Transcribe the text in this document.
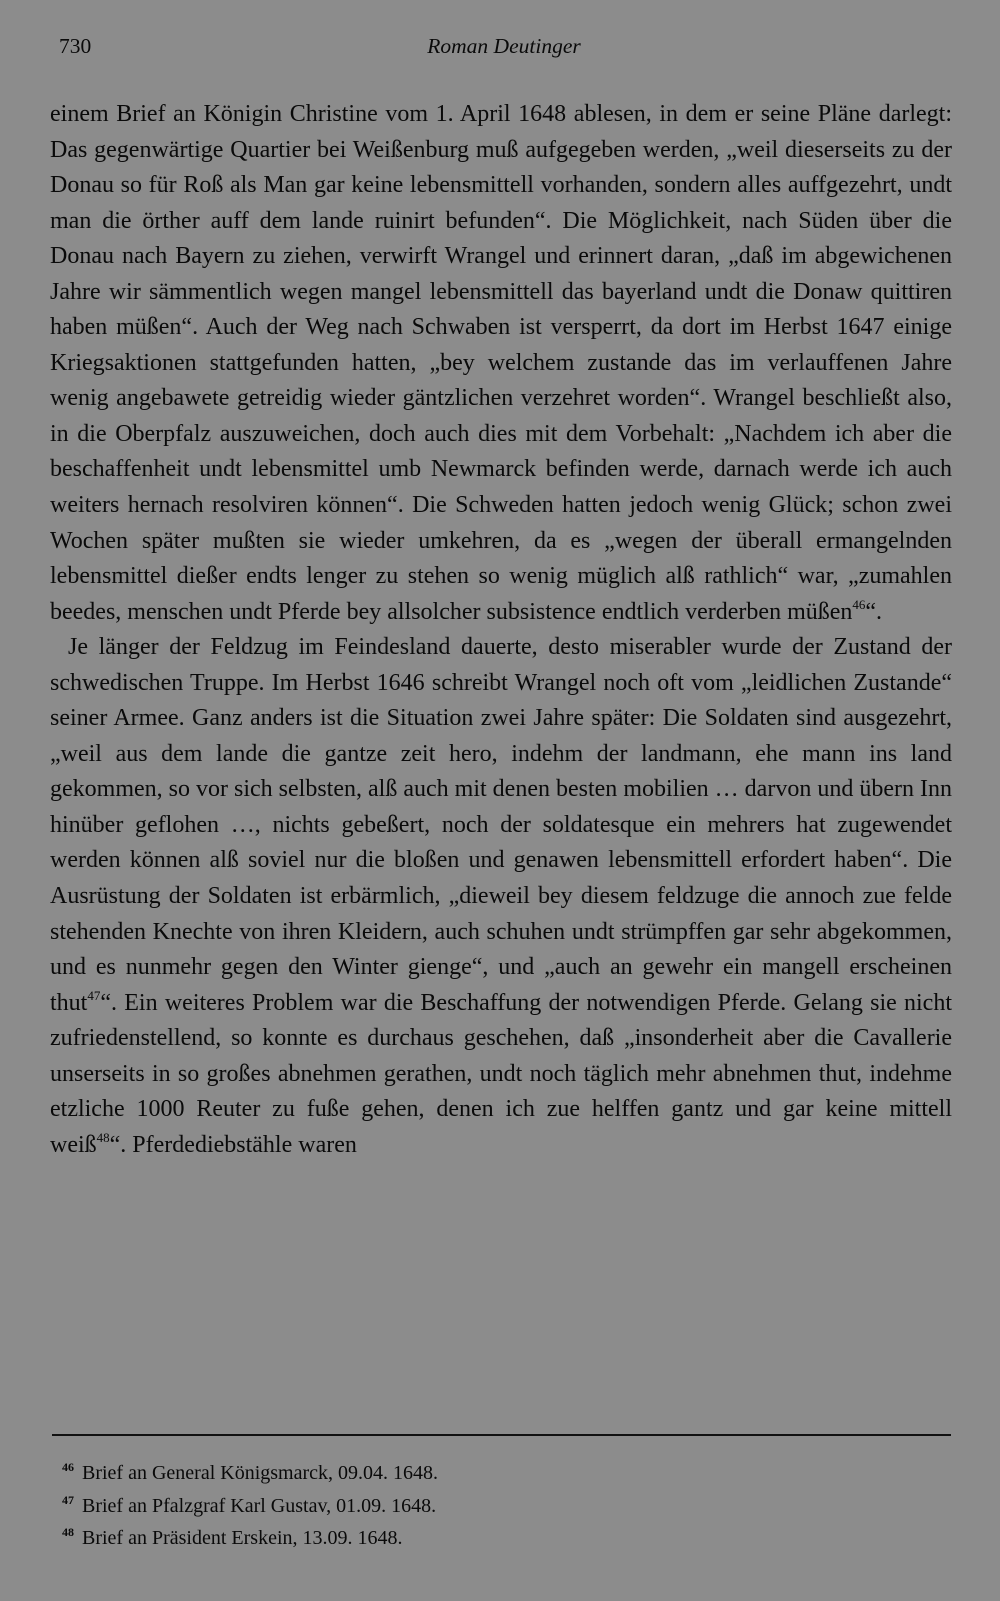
730	Roman Deutinger

einem Brief an Königin Christine vom 1. April 1648 ablesen, in dem er seine Pläne darlegt: Das gegenwärtige Quartier bei Weißenburg muß aufgegeben werden, „weil dieserseits zu der Donau so für Roß als Man gar keine lebensmittell vorhanden, sondern alles auffgezehrt, undt man die örther auff dem lande ruinirt befunden“. Die Möglichkeit, nach Süden über die Donau nach Bayern zu ziehen, verwirft Wrangel und erinnert daran, „daß im abgewichenen Jahre wir sämmentlich wegen mangel lebensmittell das bayerland undt die Donaw quittiren haben müßen“. Auch der Weg nach Schwaben ist versperrt, da dort im Herbst 1647 einige Kriegsaktionen stattgefunden hatten, „bey welchem zustande das im verlauffenen Jahre wenig angebawete getreidig wieder gäntzlichen verzehret worden“. Wrangel beschließt also, in die Oberpfalz auszuweichen, doch auch dies mit dem Vorbehalt: „Nachdem ich aber die beschaffenheit undt lebensmittel umb Newmarck befinden werde, darnach werde ich auch weiters hernach resolviren können“. Die Schweden hatten jedoch wenig Glück; schon zwei Wochen später mußten sie wieder umkehren, da es „wegen der überall ermangelnden lebensmittel dießer endts lenger zu stehen so wenig müglich alß rathlich“ war, „zumahlen beedes, menschen undt Pferde bey allsolcher subsistence endtlich verderben müßen$^{46}$“.

Je länger der Feldzug im Feindesland dauerte, desto miserabler wurde der Zustand der schwedischen Truppe. Im Herbst 1646 schreibt Wrangel noch oft vom „leidlichen Zustande“ seiner Armee. Ganz anders ist die Situation zwei Jahre später: Die Soldaten sind ausgezehrt, „weil aus dem lande die gantze zeit hero, indehm der landmann, ehe mann ins land gekommen, so vor sich selbsten, alß auch mit denen besten mobilien … darvon und übern Inn hinüber geflohen …, nichts gebeßert, noch der soldatesque ein mehrers hat zugewendet werden können alß soviel nur die bloßen und genawen lebensmittell erfordert haben“. Die Ausrüstung der Soldaten ist erbärmlich, „dieweil bey diesem feldzuge die annoch zue felde stehenden Knechte von ihren Kleidern, auch schuhen undt strümpffen gar sehr abgekommen, und es nunmehr gegen den Winter gienge“, und „auch an gewehr ein mangell erscheinen thut$^{47}$“. Ein weiteres Problem war die Beschaffung der notwendigen Pferde. Gelang sie nicht zufriedenstellend, so konnte es durchaus geschehen, daß „insonderheit aber die Cavallerie unserseits in so großes abnehmen gerathen, undt noch täglich mehr abnehmen thut, indehme etzliche 1000 Reuter zu fuße gehen, denen ich zue helffen gantz und gar keine mittell weiß$^{48}$“. Pferdediebstähle waren

$^{46}$ Brief an General Königsmarck, 09.04. 1648.
$^{47}$ Brief an Pfalzgraf Karl Gustav, 01.09. 1648.
$^{48}$ Brief an Präsident Erskein, 13.09. 1648.
